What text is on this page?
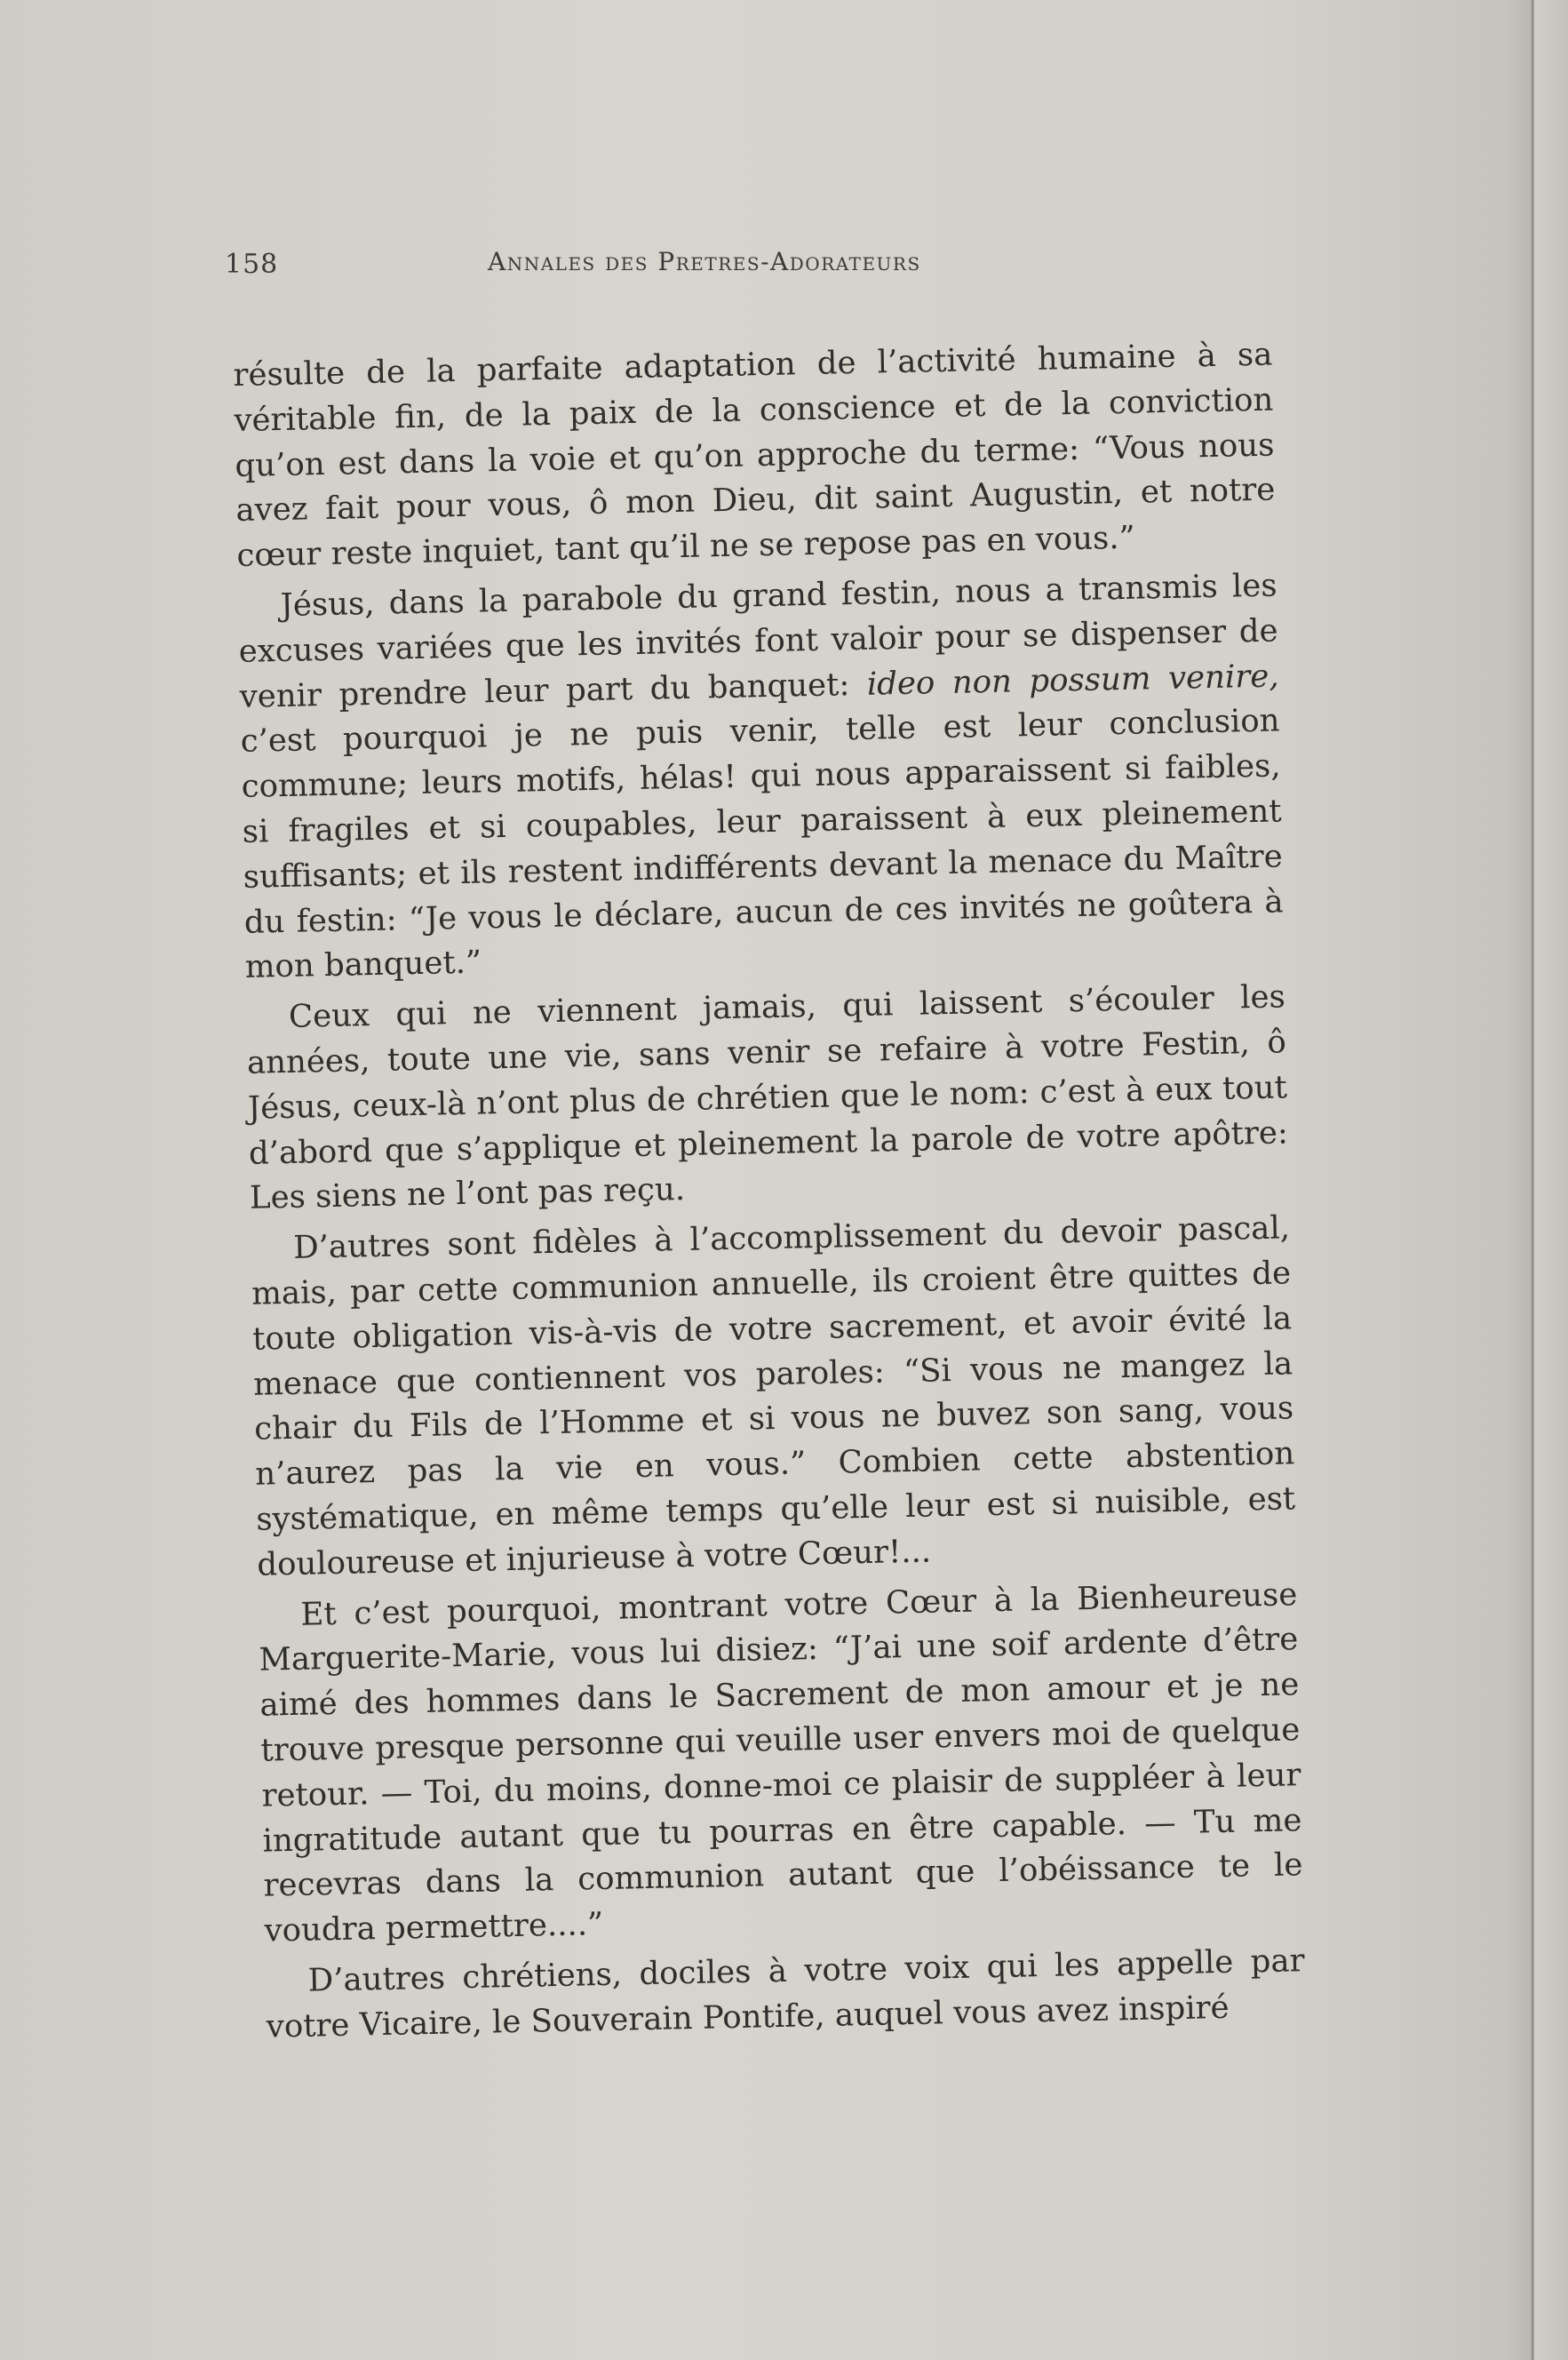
158	Annales des Pretres-Adorateurs

résulte de la parfaite adaptation de l’activité humaine à sa véritable fin, de la paix de la conscience et de la conviction qu’on est dans la voie et qu’on approche du terme: “Vous nous avez fait pour vous, ô mon Dieu, dit saint Augustin, et notre cœur reste inquiet, tant qu’il ne se repose pas en vous.”

Jésus, dans la parabole du grand festin, nous a transmis les excuses variées que les invités font valoir pour se dispenser de venir prendre leur part du banquet: ideo non possum venire, c’est pourquoi je ne puis venir, telle est leur conclusion commune; leurs motifs, hélas! qui nous apparaissent si faibles, si fragiles et si coupables, leur paraissent à eux pleinement suffisants; et ils restent indifférents devant la menace du Maître du festin: “Je vous le déclare, aucun de ces invités ne goûtera à mon banquet.”

Ceux qui ne viennent jamais, qui laissent s’écouler les années, toute une vie, sans venir se refaire à votre Festin, ô Jésus, ceux-là n’ont plus de chrétien que le nom: c’est à eux tout d’abord que s’applique et pleinement la parole de votre apôtre: Les siens ne l’ont pas reçu.

D’autres sont fidèles à l’accomplissement du devoir pascal, mais, par cette communion annuelle, ils croient être quittes de toute obligation vis-à-vis de votre sacrement, et avoir évité la menace que contiennent vos paroles: “Si vous ne mangez la chair du Fils de l’Homme et si vous ne buvez son sang, vous n’aurez pas la vie en vous.” Combien cette abstention systématique, en même temps qu’elle leur est si nuisible, est douloureuse et injurieuse à votre Cœur!...

Et c’est pourquoi, montrant votre Cœur à la Bienheureuse Marguerite-Marie, vous lui disiez: “J’ai une soif ardente d’être aimé des hommes dans le Sacrement de mon amour et je ne trouve presque personne qui veuille user envers moi de quelque retour. — Toi, du moins, donne-moi ce plaisir de suppléer à leur ingratitude autant que tu pourras en être capable. — Tu me recevras dans la communion autant que l’obéissance te le voudra permettre....”

D’autres chrétiens, dociles à votre voix qui les appelle par votre Vicaire, le Souverain Pontife, auquel vous avez inspiré
